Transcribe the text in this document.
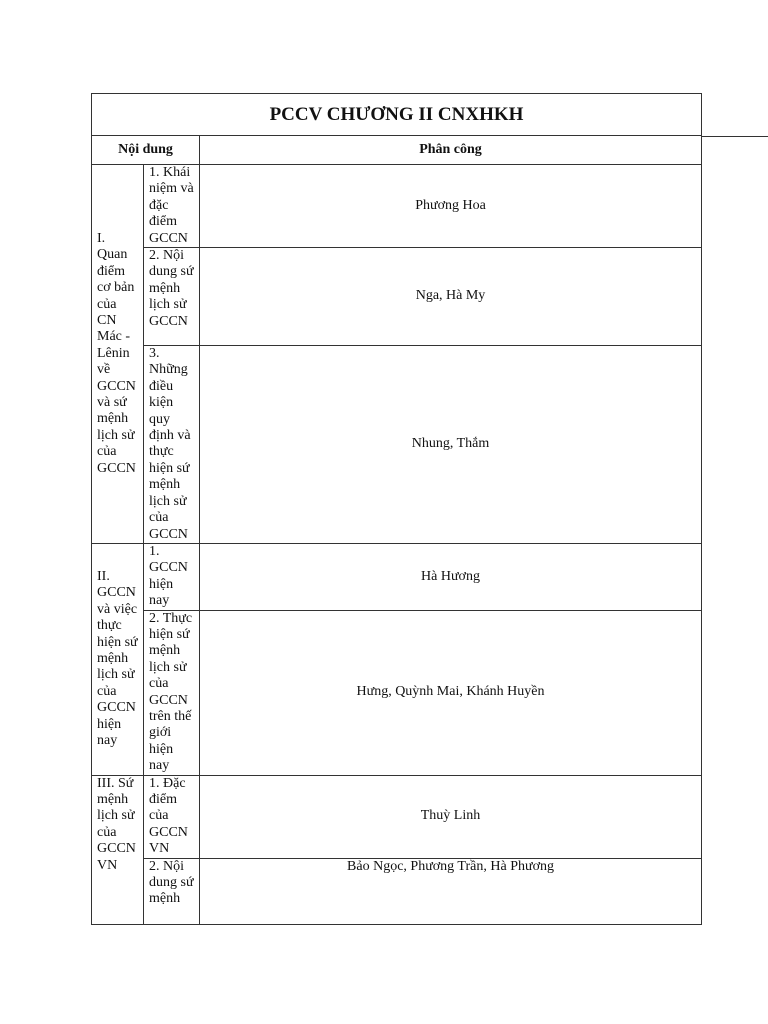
PCCV CHƯƠNG II CNXHKH
Nội dung		Phân công
I. Quan điểm cơ bản của CN Mác - Lênin về GCCN và sứ mệnh lịch sử của GCCN	1. Khái niệm và đặc điểm GCCN	Phương Hoa
	2. Nội dung sứ mệnh lịch sử GCCN	Nga, Hà My
	3. Những điều kiện quy định và thực hiện sứ mệnh lịch sử của GCCN	Nhung, Thắm
II. GCCN và việc thực hiện sứ mệnh lịch sử của GCCN hiện nay	1. GCCN hiện nay	Hà Hương
	2. Thực hiện sứ mệnh lịch sử của GCCN trên thế giới hiện nay	Hưng, Quỳnh Mai, Khánh Huyền
III. Sứ mệnh lịch sử của GCCN VN	1. Đặc điểm của GCCN VN	Thuỳ Linh
	2. Nội dung sứ mệnh	Bảo Ngọc, Phương Trần, Hà Phương
